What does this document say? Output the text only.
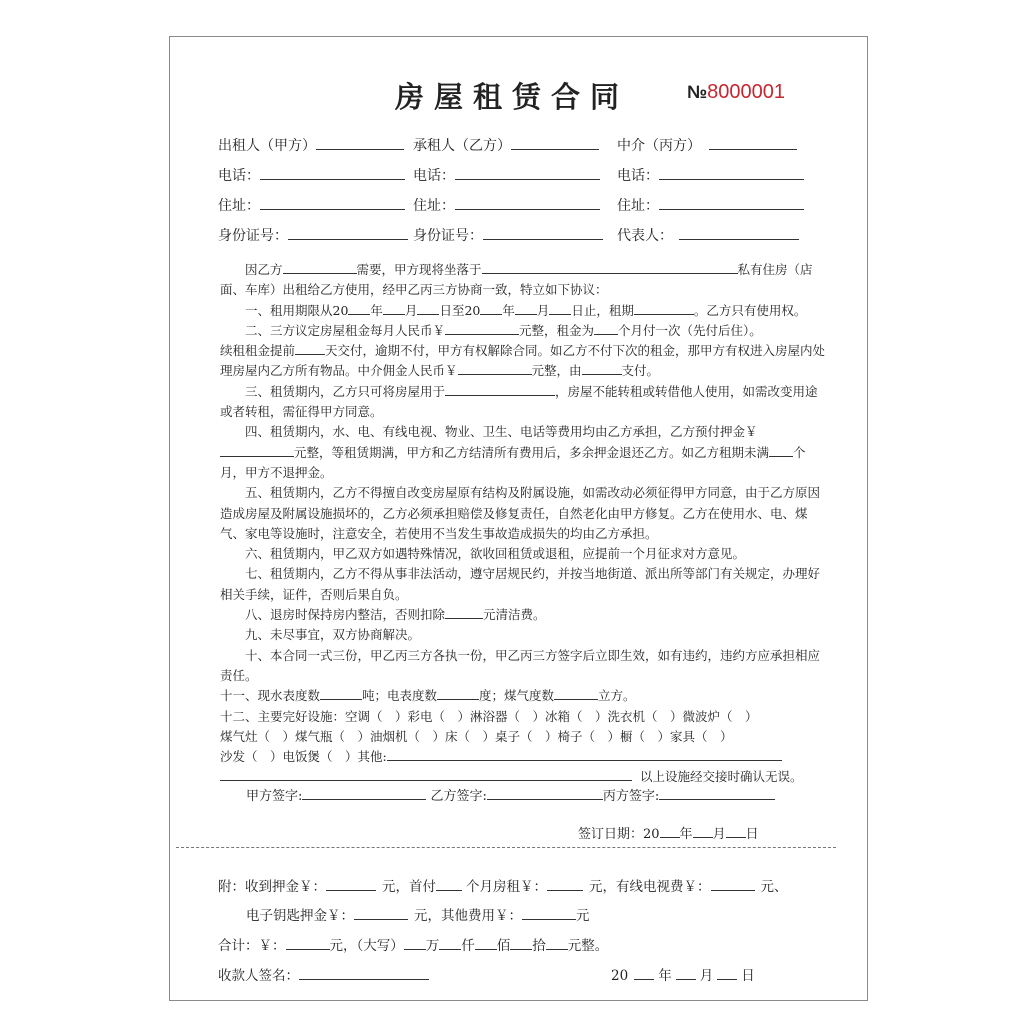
房屋租赁合同	№8000001
出租人（甲方）	承租人（乙方）	中介（丙方）
电话：	电话：	电话：
住址：	住址：	住址：
身份证号：	身份证号：	代表人：

因乙方	需要，甲方现将坐落于	私有住房（店面、车库）出租给乙方使用，经甲乙丙三方协商一致，特立如下协议：

一、租用期限从20 年 月 日至20 年 月 日止，租期	。乙方只有使用权。

二、三方议定房屋租金每月人民币￥	元整，租金为 个月付一次（先付后住）。

续租租金提前 天交付，逾期不付，甲方有权解除合同。如乙方不付下次的租金，那甲方有权进入房屋内处理房屋内乙方所有物品。中介佣金人民币￥	元整，由	支付。

三、租赁期内，乙方只可将房屋用于	，房屋不能转租或转借他人使用，如需改变用途或者转租，需征得甲方同意。

四、租赁期内，水、电、有线电视、物业、卫生、电话等费用均由乙方承担，乙方预付押金￥元整，等租赁期满，甲方和乙方结清所有费用后，多余押金退还乙方。如乙方租期未满 个月，甲方不退押金。

五、租赁期内，乙方不得擅自改变房屋原有结构及附属设施，如需改动必须征得甲方同意，由于乙方原因造成房屋及附属设施损坏的，乙方必须承担赔偿及修复责任，自然老化由甲方修复。乙方在使用水、电、煤气、家电等设施时，注意安全，若使用不当发生事故造成损失的均由乙方承担。

六、租赁期内，甲乙双方如遇特殊情况，欲收回租赁或退租，应提前一个月征求对方意见。

七、租赁期内，乙方不得从事非法活动，遵守居规民约，并按当地街道、派出所等部门有关规定，办理好相关手续，证件，否则后果自负。

八、退房时保持房内整洁，否则扣除	元清洁费。

九、未尽事宜，双方协商解决。

十、本合同一式三份，甲乙丙三方各执一份，甲乙丙三方签字后立即生效，如有违约，违约方应承担相应责任。

十一、现水表度数	吨；电表度数	度；煤气度数	立方。

十二、主要完好设施：空调（　）彩电（　）淋浴器（　）冰箱（　）洗衣机（　）微波炉（　）

煤气灶（　）煤气瓶（　）油烟机（　）床（　）桌子（　）椅子（　）橱（　）家具（　）

沙发（　）电饭煲（　）其他:

以上设施经交接时确认无误。

甲方签字:	乙方签字:	丙方签字:
签订日期：20 年 月 日
附：收到押金￥：	元，首付 个月房租￥：	元，有线电视费￥：	元、
电子钥匙押金￥：	元，其他费用￥：	元
合计：￥：	元，（大写） 万 仟 佰 拾 元整。
收款人签名：	20 年 月 日
